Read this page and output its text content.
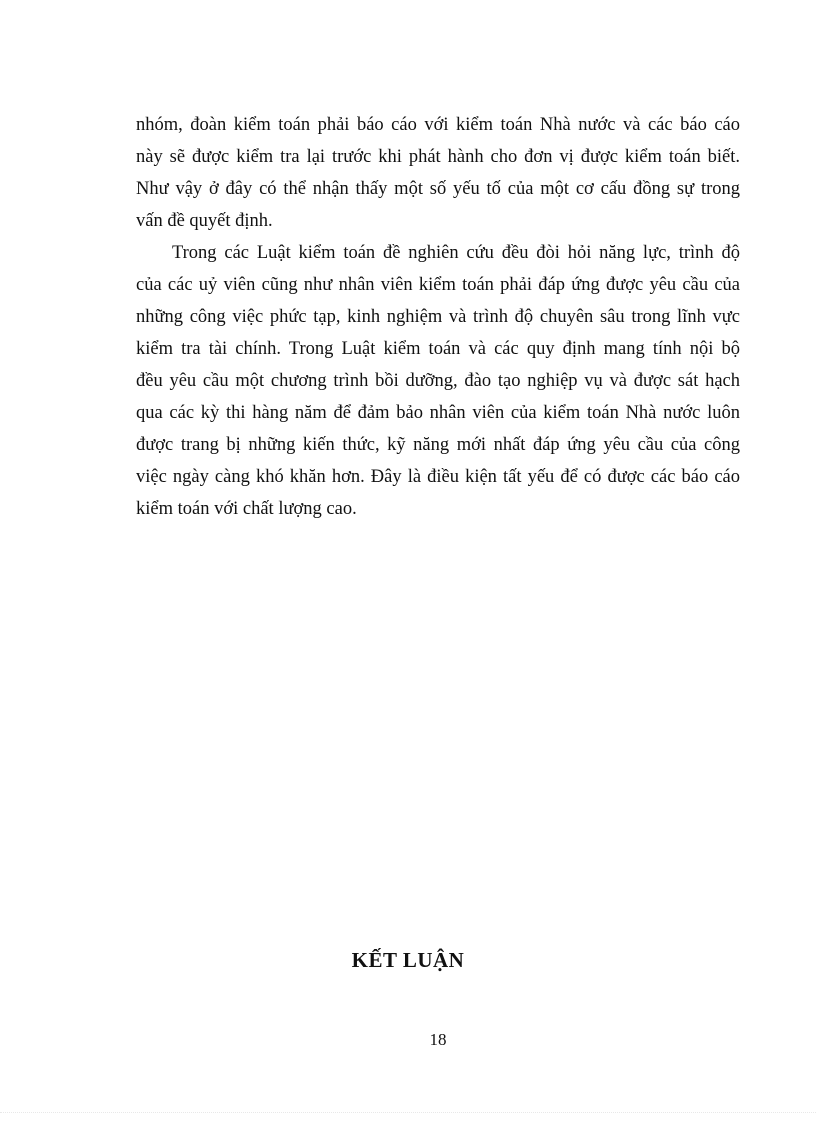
nhóm, đoàn kiểm toán phải báo cáo với kiểm toán Nhà nước và các báo cáo
này sẽ được kiểm tra lại trước khi phát hành cho đơn vị được kiểm toán biết.
Như vậy ở đây có thể nhận thấy một số yếu tố của một cơ cấu đồng sự trong
vấn đề quyết định.
Trong các Luật kiểm toán đề nghiên cứu đều đòi hỏi năng lực, trình độ
của các uỷ viên cũng như nhân viên kiểm toán phải đáp ứng được yêu cầu của
những công việc phức tạp, kinh nghiệm và trình độ chuyên sâu trong lĩnh vực
kiểm tra tài chính. Trong Luật kiểm toán và các quy định mang tính nội bộ
đều yêu cầu một chương trình bồi dưỡng, đào tạo nghiệp vụ và được sát hạch
qua các kỳ thi hàng năm để đảm bảo nhân viên của kiểm toán Nhà nước luôn
được trang bị những kiến thức, kỹ năng mới nhất đáp ứng yêu cầu của công
việc ngày càng khó khăn hơn. Đây là điều kiện tất yếu để có được các báo cáo
kiểm toán với chất lượng cao.
KẾT LUẬN
18
